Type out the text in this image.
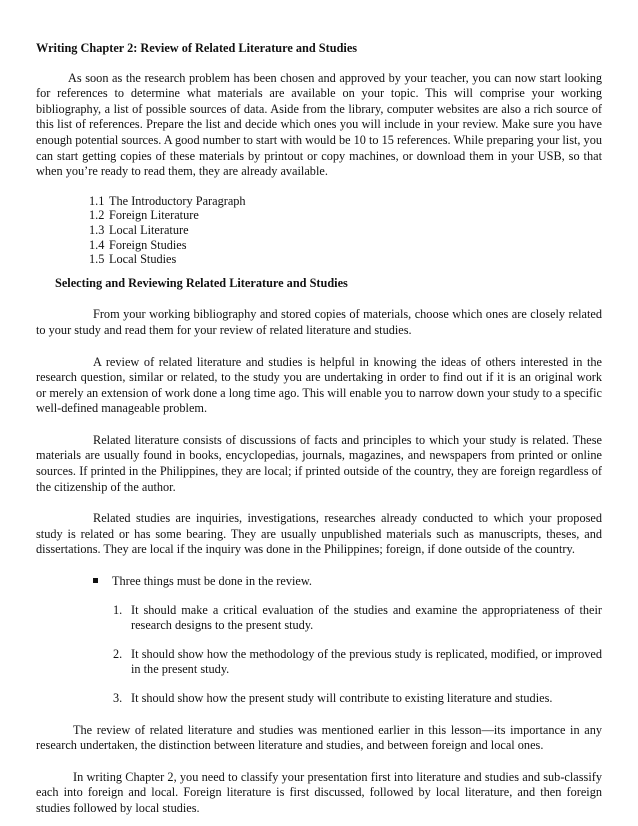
Writing Chapter 2: Review of Related Literature and Studies

As soon as the research problem has been chosen and approved by your teacher, you can now start looking for references to determine what materials are available on your topic. This will comprise your working bibliography, a list of possible sources of data. Aside from the library, computer websites are also a rich source of this list of references. Prepare the list and decide which ones you will include in your review. Make sure you have enough potential sources. A good number to start with would be 10 to 15 references. While preparing your list, you can start getting copies of these materials by printout or copy machines, or download them in your USB, so that when you’re ready to read them, they are already available.

1.1 The Introductory Paragraph
1.2 Foreign Literature
1.3 Local Literature
1.4 Foreign Studies
1.5 Local Studies
Selecting and Reviewing Related Literature and Studies

From your working bibliography and stored copies of materials, choose which ones are closely related to your study and read them for your review of related literature and studies.

A review of related literature and studies is helpful in knowing the ideas of others interested in the research question, similar or related, to the study you are undertaking in order to find out if it is an original work or merely an extension of work done a long time ago. This will enable you to narrow down your study to a specific well-defined manageable problem.

Related literature consists of discussions of facts and principles to which your study is related. These materials are usually found in books, encyclopedias, journals, magazines, and newspapers from printed or online sources. If printed in the Philippines, they are local; if printed outside of the country, they are foreign regardless of the citizenship of the author.

Related studies are inquiries, investigations, researches already conducted to which your proposed study is related or has some bearing. They are usually unpublished materials such as manuscripts, theses, and dissertations. They are local if the inquiry was done in the Philippines; foreign, if done outside of the country.

Three things must be done in the review.
1. It should make a critical evaluation of the studies and examine the appropriateness of their research designs to the present study.
2. It should show how the methodology of the previous study is replicated, modified, or improved in the present study.
3. It should show how the present study will contribute to existing literature and studies.

The review of related literature and studies was mentioned earlier in this lesson—its importance in any research undertaken, the distinction between literature and studies, and between foreign and local ones.

In writing Chapter 2, you need to classify your presentation first into literature and studies and sub-classify each into foreign and local. Foreign literature is first discussed, followed by local literature, and then foreign studies followed by local studies.
